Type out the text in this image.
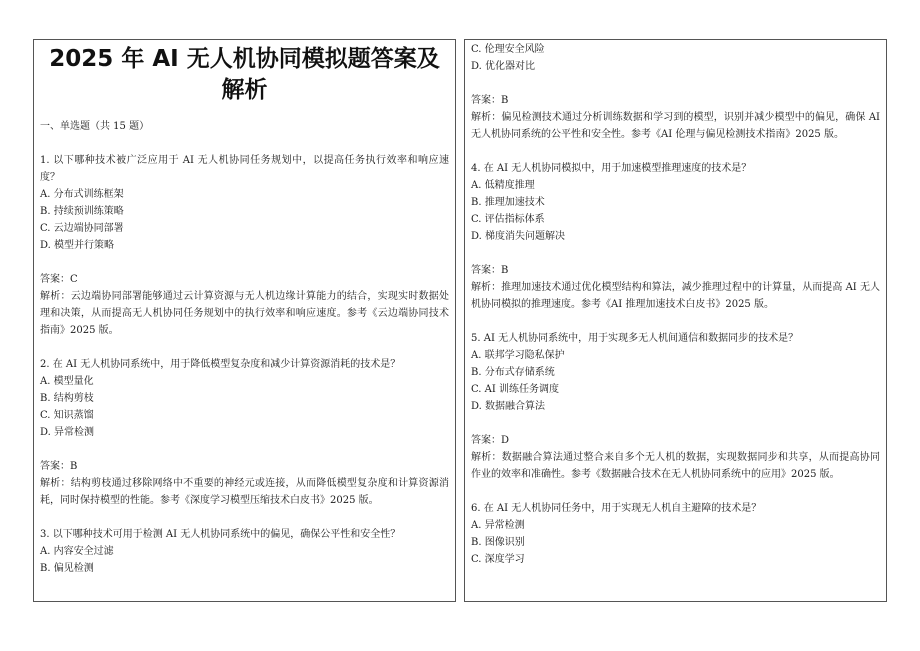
2025 年 AI 无人机协同模拟题答案及解析
一、单选题（共 15 题）
1. 以下哪种技术被广泛应用于 AI 无人机协同任务规划中，以提高任务执行效率和响应速度？
A. 分布式训练框架
B. 持续预训练策略
C. 云边端协同部署
D. 模型并行策略
答案：C
解析：云边端协同部署能够通过云计算资源与无人机边缘计算能力的结合，实现实时数据处理和决策，从而提高无人机协同任务规划中的执行效率和响应速度。参考《云边端协同技术指南》2025 版。
2. 在 AI 无人机协同系统中，用于降低模型复杂度和减少计算资源消耗的技术是？
A. 模型量化
B. 结构剪枝
C. 知识蒸馏
D. 异常检测
答案：B
解析：结构剪枝通过移除网络中不重要的神经元或连接，从而降低模型复杂度和计算资源消耗，同时保持模型的性能。参考《深度学习模型压缩技术白皮书》2025 版。
3. 以下哪种技术可用于检测 AI 无人机协同系统中的偏见，确保公平性和安全性？
A. 内容安全过滤
B. 偏见检测
C. 伦理安全风险
D. 优化器对比
答案：B
解析：偏见检测技术通过分析训练数据和学习到的模型，识别并减少模型中的偏见，确保 AI 无人机协同系统的公平性和安全性。参考《AI 伦理与偏见检测技术指南》2025 版。
4. 在 AI 无人机协同模拟中，用于加速模型推理速度的技术是？
A. 低精度推理
B. 推理加速技术
C. 评估指标体系
D. 梯度消失问题解决
答案：B
解析：推理加速技术通过优化模型结构和算法，减少推理过程中的计算量，从而提高 AI 无人机协同模拟的推理速度。参考《AI 推理加速技术白皮书》2025 版。
5. AI 无人机协同系统中，用于实现多无人机间通信和数据同步的技术是？
A. 联邦学习隐私保护
B. 分布式存储系统
C. AI 训练任务调度
D. 数据融合算法
答案：D
解析：数据融合算法通过整合来自多个无人机的数据，实现数据同步和共享，从而提高协同作业的效率和准确性。参考《数据融合技术在无人机协同系统中的应用》2025 版。
6. 在 AI 无人机协同任务中，用于实现无人机自主避障的技术是？
A. 异常检测
B. 图像识别
C. 深度学习
